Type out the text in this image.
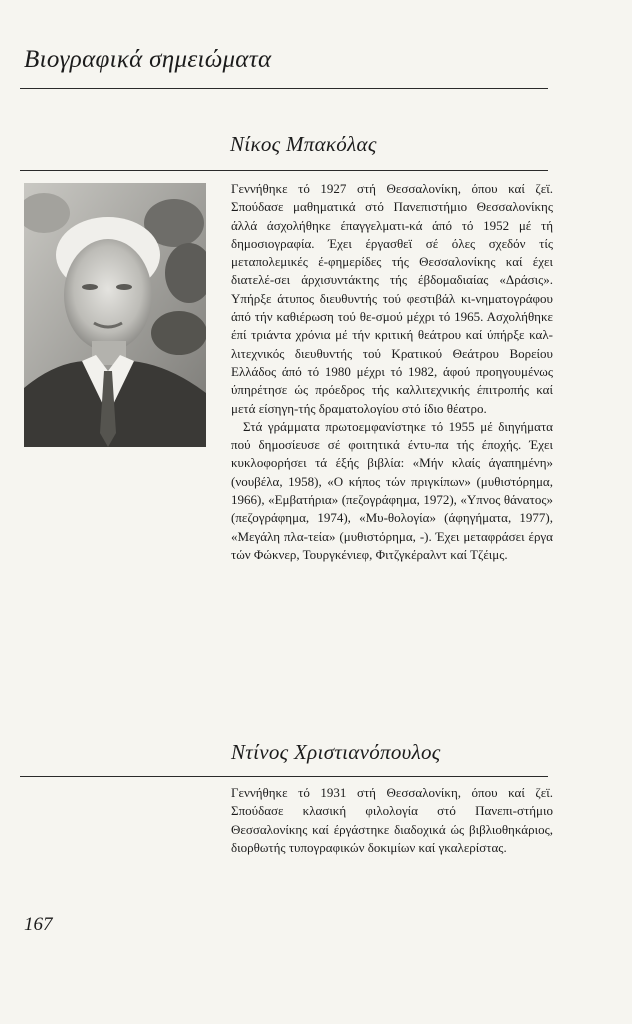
Βιογραφικά σημειώματα
Νίκος Μπακόλας

Γεννήθηκε τό 1927 στή Θεσσαλονίκη, όπου καί ζεϊ. Σπούδασε μαθηματικά στό Πανεπιστήμιο Θεσσαλονίκης άλλά άσχολήθηκε έπαγγελματι-κά άπό τό 1952 μέ τή δημοσιογραφία. Έχει έργασθεϊ σέ όλες σχεδόν τίς μεταπολεμικές έ-φημερίδες τής Θεσσαλονίκης καί έχει διατελέ-σει άρχισυντάκτης τής έβδομαδιαίας «Δράσις». Υπήρξε άτυπος διευθυντής τού φεστιβάλ κι-νηματογράφου άπό τήν καθιέρωση τού θε-σμού μέχρι τό 1965. Ασχολήθηκε έπί τριάντα χρόνια μέ τήν κριτική θεάτρου καί ύπήρξε καλ-λιτεχνικός διευθυντής τού Κρατικού Θεάτρου Βορείου Ελλάδος άπό τό 1980 μέχρι τό 1982, άφού προηγουμένως ύπηρέτησε ώς πρόεδρος τής καλλιτεχνικής έπιτροπής καί μετά είσηγη-τής δραματολογίου στό ίδιο θέατρο.

Στά γράμματα πρωτοεμφανίστηκε τό 1955 μέ διηγήματα πού δημοσίευσε σέ φοιτητικά έντυ-πα τής έποχής. Έχει κυκλοφορήσει τά έξής βιβλία: «Μήν κλαίς άγαπημένη» (νουβέλα, 1958), «Ο κήπος τών πριγκίπων» (μυθιστόρημα, 1966), «Εμβατήρια» (πεζογράφημα, 1972), «Υπνος θάνατος» (πεζογράφημα, 1974), «Μυ-θολογία» (άφηγήματα, 1977), «Μεγάλη πλα-τεία» (μυθιστόρημα, -). Έχει μεταφράσει έργα τών Φώκνερ, Τουργκένιεφ, Φιτζγκέραλντ καί Τζέιμς.

Ντίνος Χριστιανόπουλος

Γεννήθηκε τό 1931 στή Θεσσαλονίκη, όπου καί ζεϊ. Σπούδασε κλασική φιλολογία στό Πανεπι-στήμιο Θεσσαλονίκης καί έργάστηκε διαδοχικά ώς βιβλιοθηκάριος, διορθωτής τυπογραφικών δοκιμίων καί γκαλερίστας.

167
